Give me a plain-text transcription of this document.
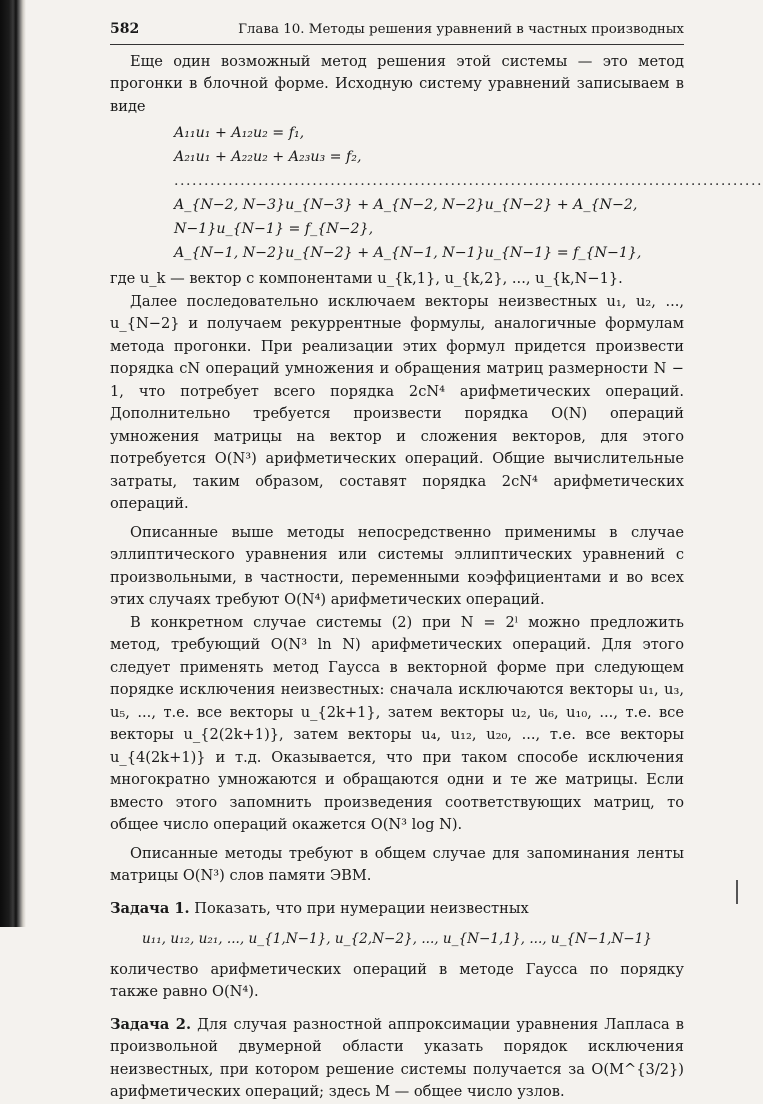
582	Глава 10. Методы решения уравнений в частных производных

Еще один возможный метод решения этой системы — это метод прогонки в блочной форме. Исходную систему уравнений записываем в виде

A₁₁u₁ + A₁₂u₂ = f₁,
A₂₁u₁ + A₂₂u₂ + A₂₃u₃ = f₂,
..................................................................................................
A_{N−2, N−3}u_{N−3} + A_{N−2, N−2}u_{N−2} + A_{N−2, N−1}u_{N−1} = f_{N−2},
A_{N−1, N−2}u_{N−2} + A_{N−1, N−1}u_{N−1} = f_{N−1},

где u_k — вектор с компонентами u_{k,1}, u_{k,2}, ..., u_{k,N−1}.

Далее последовательно исключаем векторы неизвестных u₁, u₂, ..., u_{N−2} и получаем рекуррентные формулы, аналогичные формулам метода прогонки. При реализации этих формул придется произвести порядка cN операций умножения и обращения матриц размерности N − 1, что потребует всего порядка 2cN⁴ арифметических операций. Дополнительно требуется произвести порядка O(N) операций умножения матрицы на вектор и сложения векторов, для этого потребуется O(N³) арифметических операций. Общие вычислительные затраты, таким образом, составят порядка 2cN⁴ арифметических операций.

Описанные выше методы непосредственно применимы в случае эллиптического уравнения или системы эллиптических уравнений с произвольными, в частности, переменными коэффициентами и во всех этих случаях требуют O(N⁴) арифметических операций.

В конкретном случае системы (2) при N = 2ˡ можно предложить метод, требующий O(N³ ln N) арифметических операций. Для этого следует применять метод Гаусса в векторной форме при следующем порядке исключения неизвестных: сначала исключаются векторы u₁, u₃, u₅, ..., т.е. все векторы u_{2k+1}, затем векторы u₂, u₆, u₁₀, ..., т.е. все векторы u_{2(2k+1)}, затем векторы u₄, u₁₂, u₂₀, ..., т.е. все векторы u_{4(2k+1)} и т.д. Оказывается, что при таком способе исключения многократно умножаются и обращаются одни и те же матрицы. Если вместо этого запомнить произведения соответствующих матриц, то общее число операций окажется O(N³ log N).

Описанные методы требуют в общем случае для запоминания ленты матрицы O(N³) слов памяти ЭВМ.

Задача 1. Показать, что при нумерации неизвестных

u₁₁, u₁₂, u₂₁, ..., u_{1,N−1}, u_{2,N−2}, ..., u_{N−1,1}, ..., u_{N−1,N−1}

количество арифметических операций в методе Гаусса по порядку также равно O(N⁴).

Задача 2. Для случая разностной аппроксимации уравнения Лапласа в произвольной двумерной области указать порядок исключения неизвестных, при котором решение системы получается за O(M^{3/2}) арифметических операций; здесь M — общее число узлов.
